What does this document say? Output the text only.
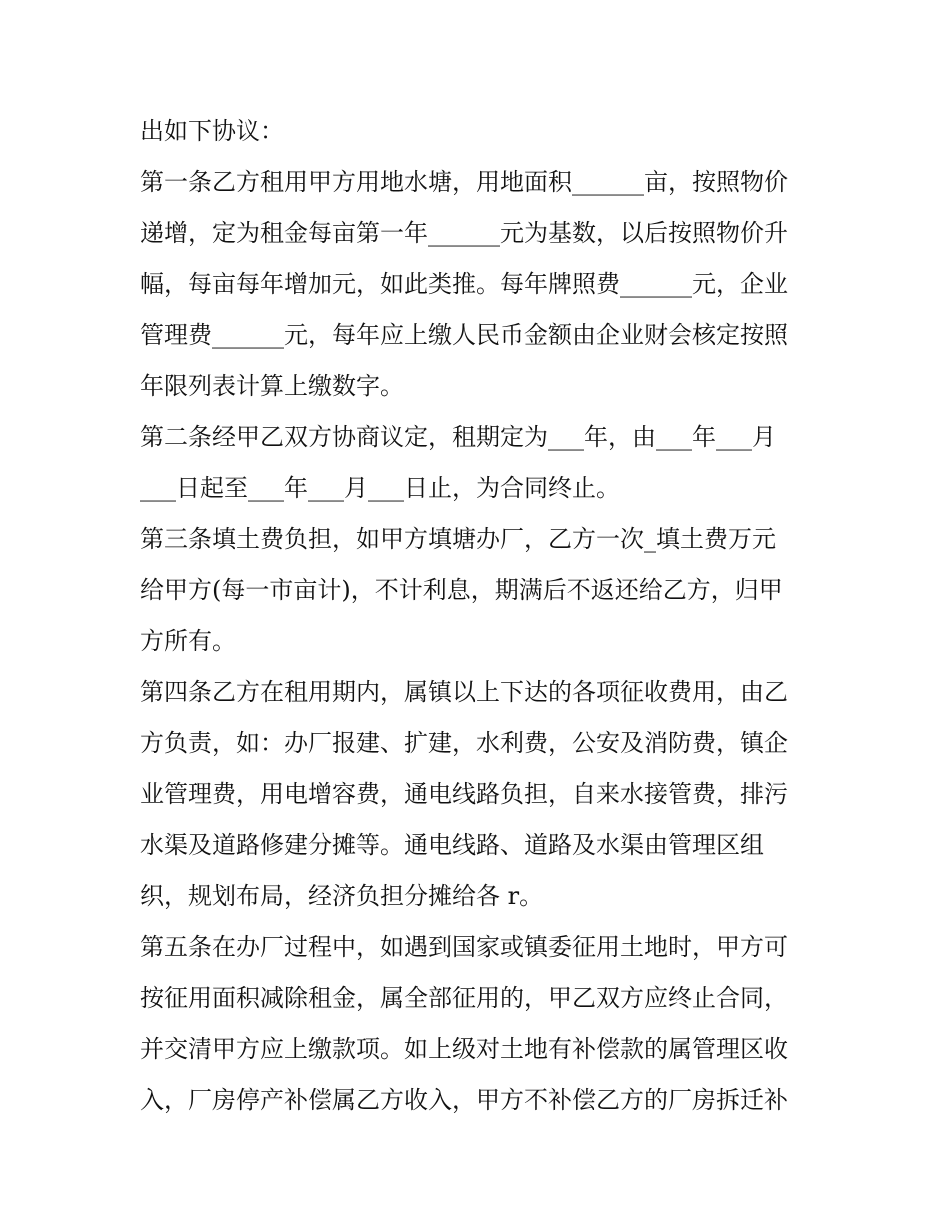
出如下协议：
第一条乙方租用甲方用地水塘，用地面积______亩，按照物价
递增，定为租金每亩第一年______元为基数，以后按照物价升
幅，每亩每年增加元，如此类推。每年牌照费______元，企业
管理费______元，每年应上缴人民币金额由企业财会核定按照
年限列表计算上缴数字。
第二条经甲乙双方协商议定，租期定为___年，由___年___月
___日起至___年___月___日止，为合同终止。
第三条填土费负担，如甲方填塘办厂，乙方一次_填土费万元
给甲方(每一市亩计)，不计利息，期满后不返还给乙方，归甲
方所有。
第四条乙方在租用期内，属镇以上下达的各项征收费用，由乙
方负责，如：办厂报建、扩建，水利费，公安及消防费，镇企
业管理费，用电增容费，通电线路负担，自来水接管费，排污
水渠及道路修建分摊等。通电线路、道路及水渠由管理区组
织，规划布局，经济负担分摊给各 r。
第五条在办厂过程中，如遇到国家或镇委征用土地时，甲方可
按征用面积减除租金，属全部征用的，甲乙双方应终止合同，
并交清甲方应上缴款项。如上级对土地有补偿款的属管理区收
入，厂房停产补偿属乙方收入，甲方不补偿乙方的厂房拆迁补
